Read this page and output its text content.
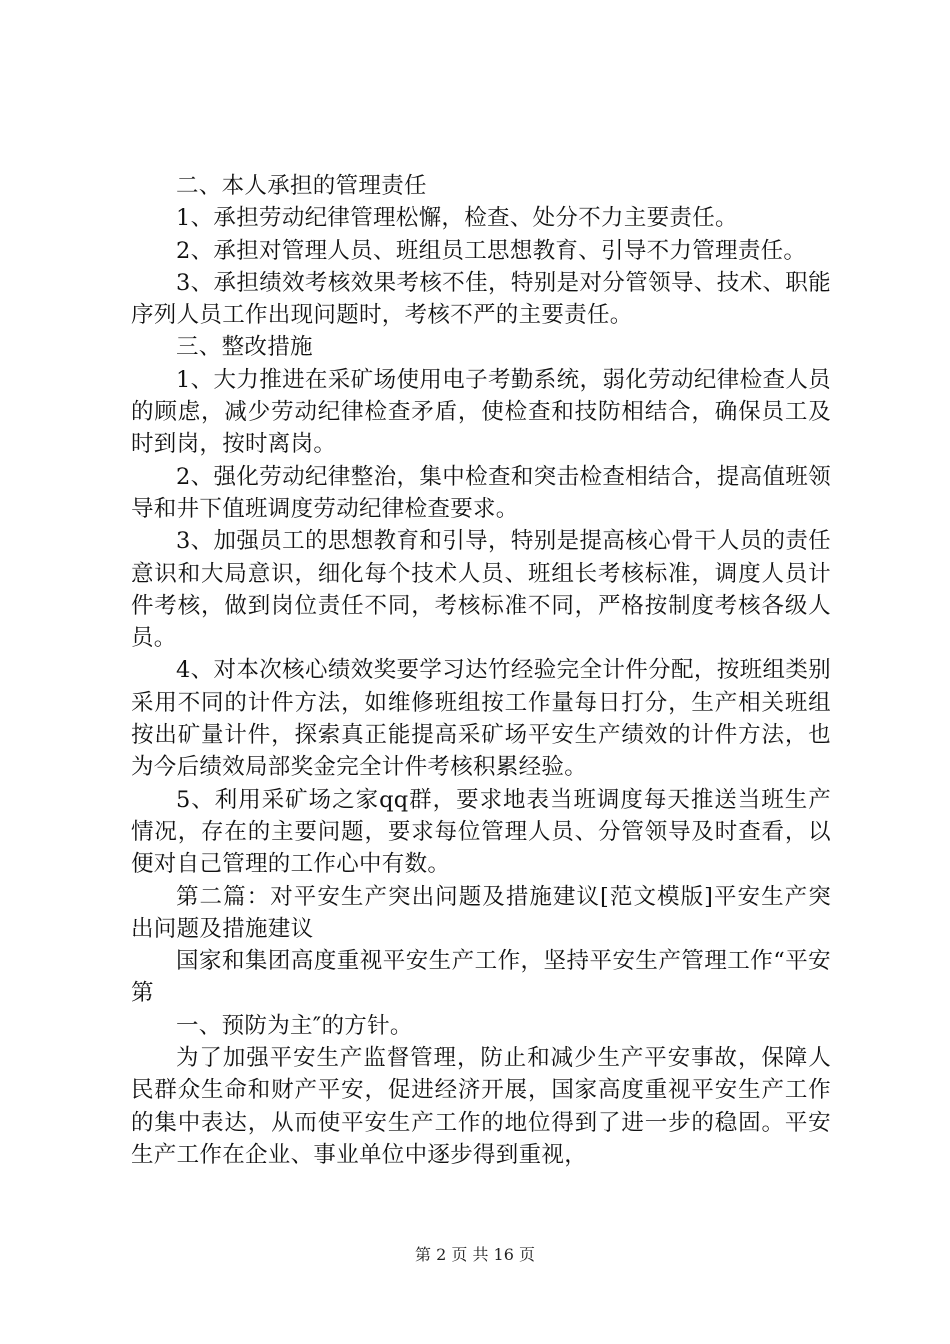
二、本人承担的管理责任

1、承担劳动纪律管理松懈，检查、处分不力主要责任。

2、承担对管理人员、班组员工思想教育、引导不力管理责任。

3、承担绩效考核效果考核不佳，特别是对分管领导、技术、职能序列人员工作出现问题时，考核不严的主要责任。

三、整改措施

1、大力推进在采矿场使用电子考勤系统，弱化劳动纪律检查人员的顾虑，减少劳动纪律检查矛盾，使检查和技防相结合，确保员工及时到岗，按时离岗。

2、强化劳动纪律整治，集中检查和突击检查相结合，提高值班领导和井下值班调度劳动纪律检查要求。

3、加强员工的思想教育和引导，特别是提高核心骨干人员的责任意识和大局意识，细化每个技术人员、班组长考核标准，调度人员计件考核，做到岗位责任不同，考核标准不同，严格按制度考核各级人员。

4、对本次核心绩效奖要学习达竹经验完全计件分配，按班组类别采用不同的计件方法，如维修班组按工作量每日打分，生产相关班组按出矿量计件，探索真正能提高采矿场平安生产绩效的计件方法，也为今后绩效局部奖金完全计件考核积累经验。

5、利用采矿场之家qq群，要求地表当班调度每天推送当班生产情况，存在的主要问题，要求每位管理人员、分管领导及时查看，以便对自己管理的工作心中有数。

第二篇：对平安生产突出问题及措施建议[范文模版]平安生产突出问题及措施建议

国家和集团高度重视平安生产工作，坚持平安生产管理工作“平安第

一、预防为主″的方针。

为了加强平安生产监督管理，防止和减少生产平安事故，保障人民群众生命和财产平安，促进经济开展，国家高度重视平安生产工作的集中表达，从而使平安生产工作的地位得到了进一步的稳固。平安生产工作在企业、事业单位中逐步得到重视，

第 2 页 共 16 页
